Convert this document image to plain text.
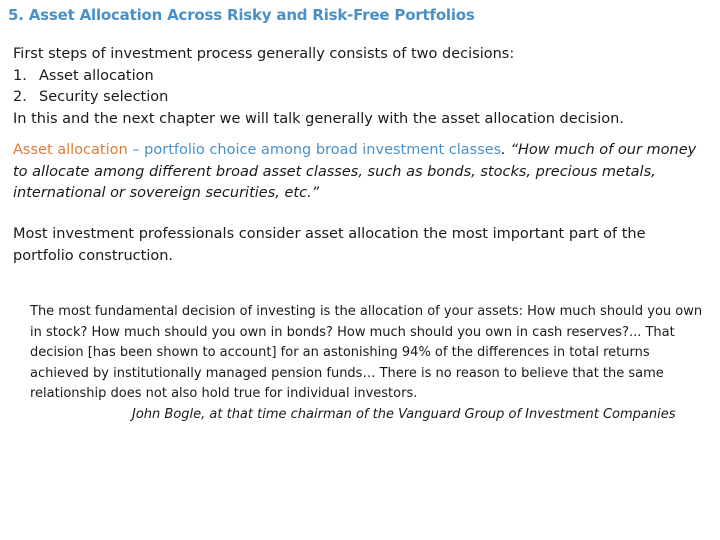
5. Asset Allocation Across Risky and Risk-Free Portfolios
First steps of investment process generally consists of two decisions:
1. Asset allocation
2. Security selection
In this and the next chapter we will talk generally with the asset allocation decision.
Asset allocation – portfolio choice among broad investment classes. “How much of our money to allocate among different broad asset classes, such as bonds, stocks, precious metals, international or sovereign securities, etc.”
Most investment professionals consider asset allocation the most important part of the portfolio construction.
The most fundamental decision of investing is the allocation of your assets: How much should you own in stock? How much should you own in bonds? How much should you own in cash reserves?... That decision [has been shown to account] for an astonishing 94% of the differences in total returns achieved by institutionally managed pension funds… There is no reason to believe that the same relationship does not also hold true for individual investors.
John Bogle, at that time chairman of the Vanguard Group of Investment Companies
